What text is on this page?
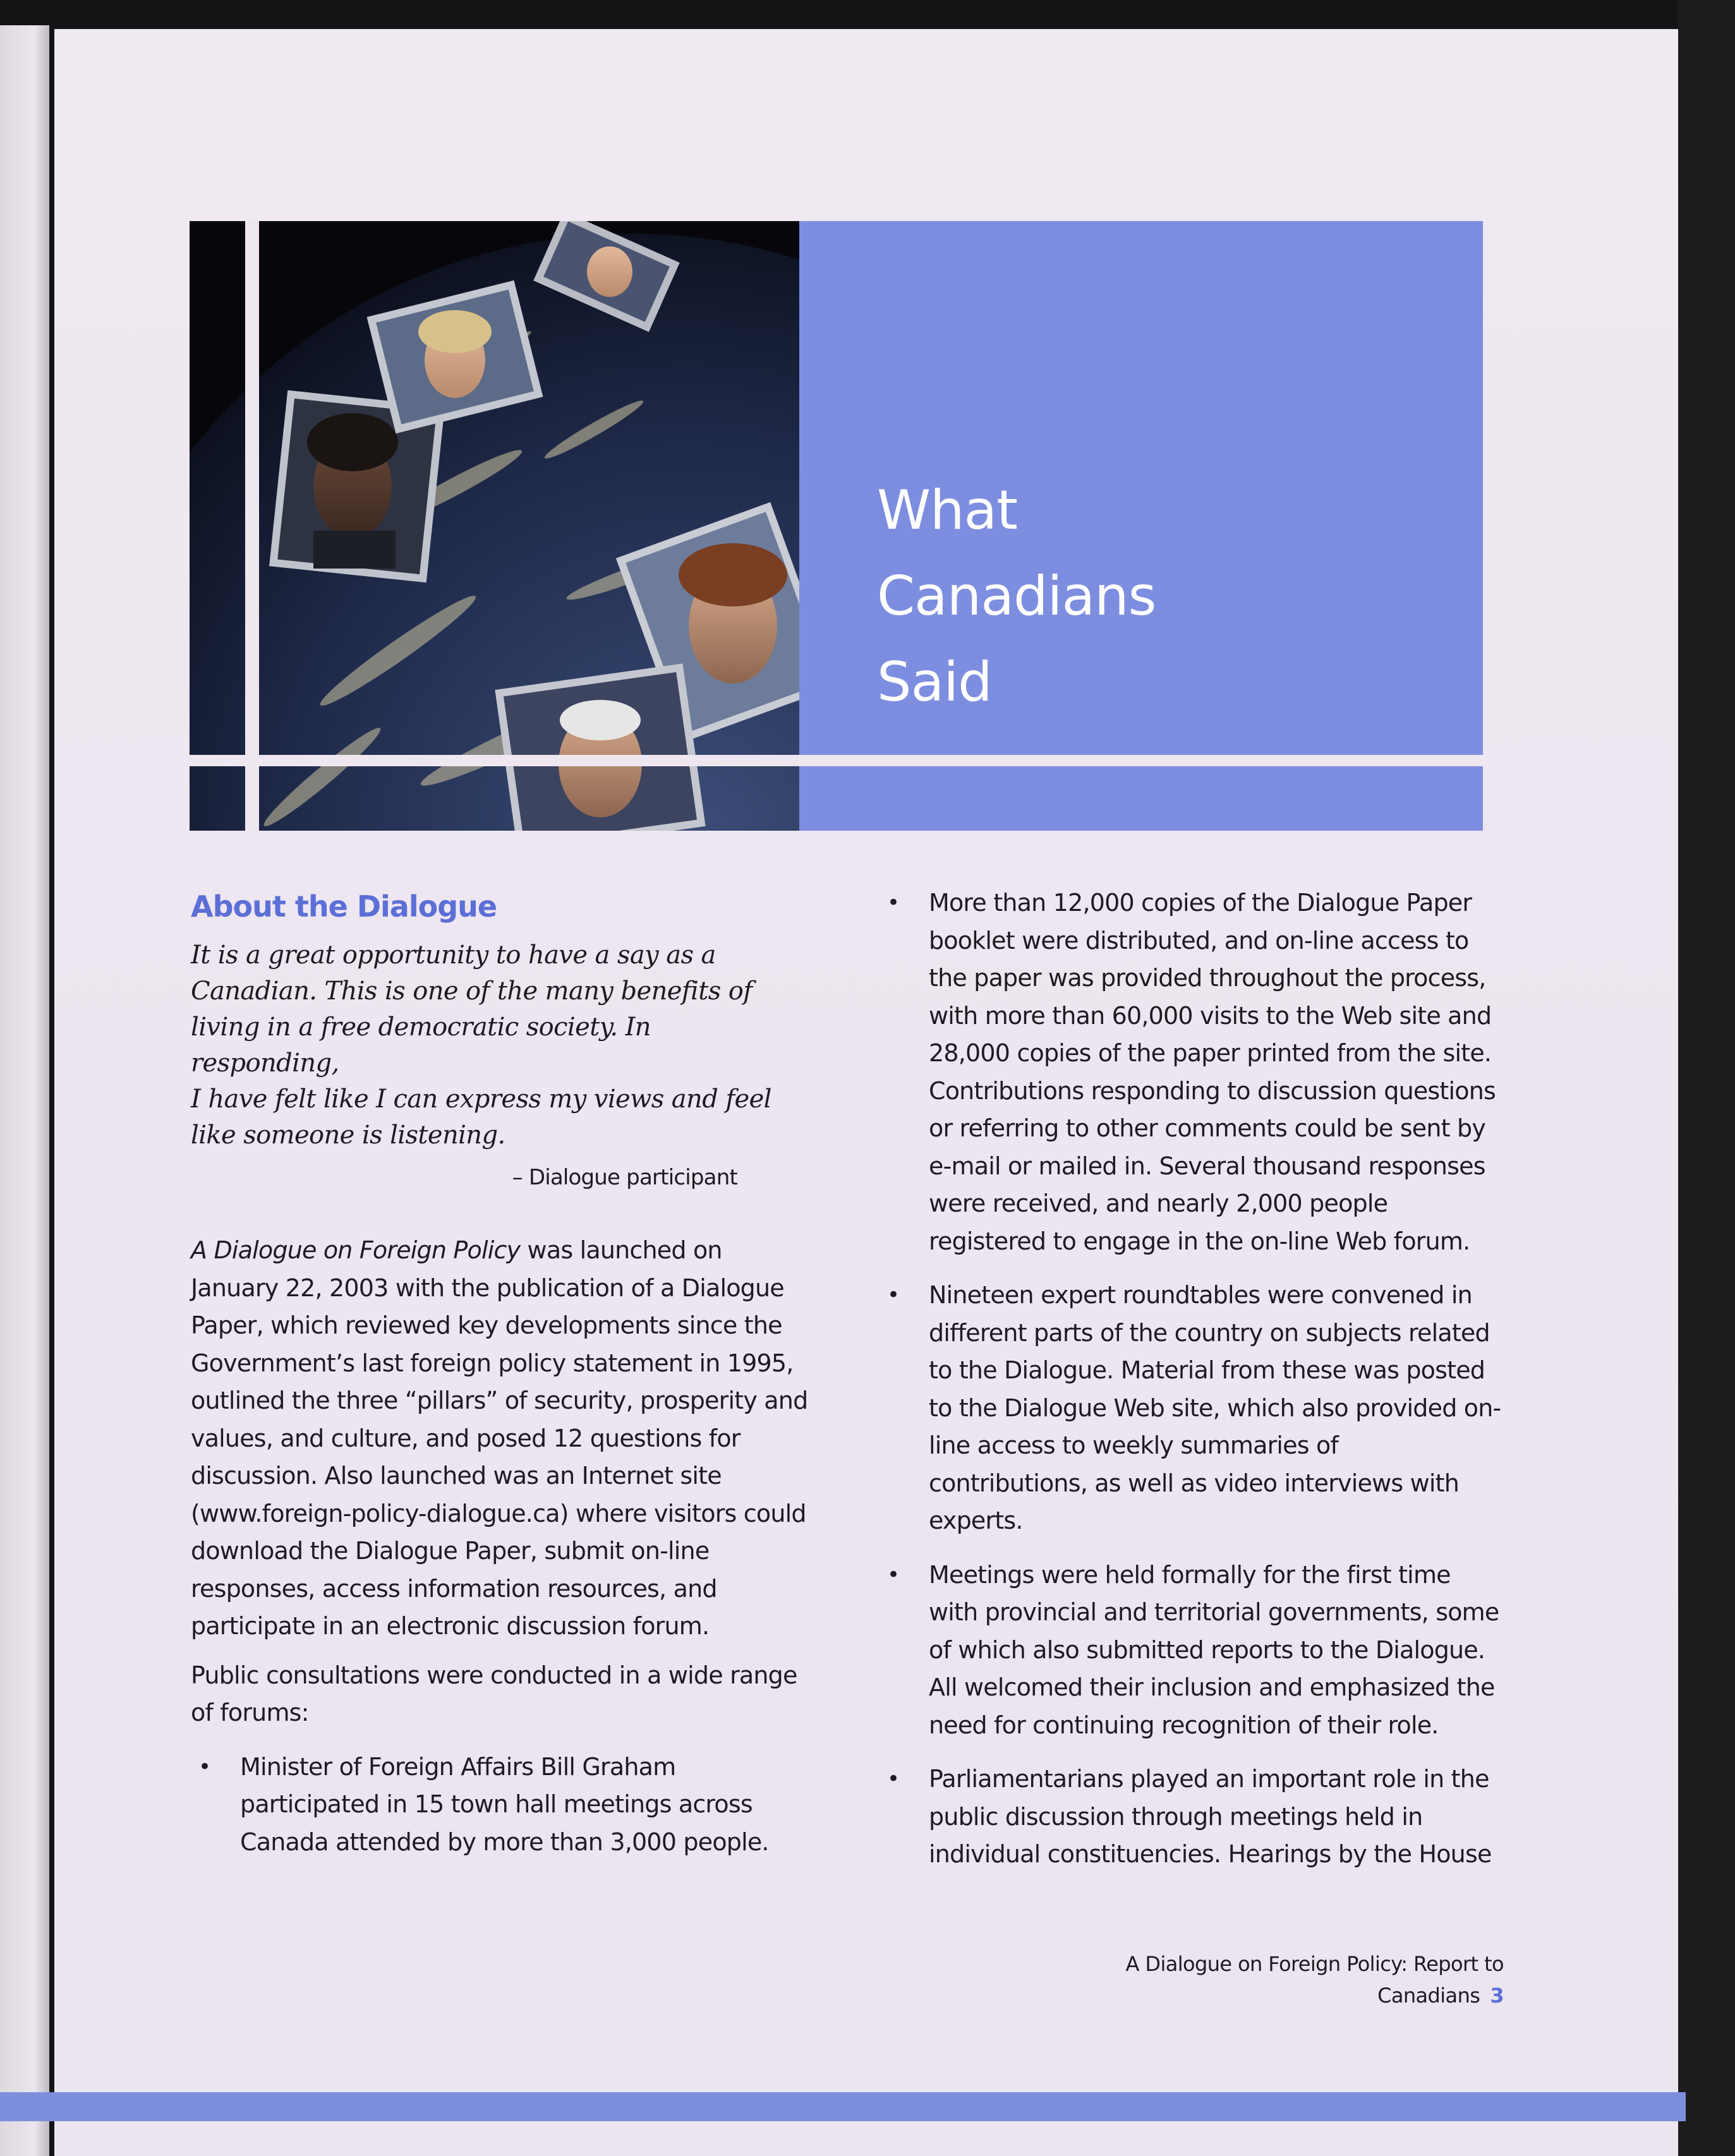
What
Canadians
Said
About the Dialogue
It is a great opportunity to have a say as a
Canadian. This is one of the many benefits of
living in a free democratic society. In responding,
I have felt like I can express my views and feel
like someone is listening.
– Dialogue participant

A Dialogue on Foreign Policy was launched on January 22, 2003 with the publication of a Dialogue Paper, which reviewed key developments since the Government’s last foreign policy statement in 1995, outlined the three “pillars” of security, prosperity and values, and culture, and posed 12 questions for discussion. Also launched was an Internet site (www.foreign-policy-dialogue.ca) where visitors could download the Dialogue Paper, submit on-line responses, access information resources, and participate in an electronic discussion forum.

Public consultations were conducted in a wide range of forums:

• Minister of Foreign Affairs Bill Graham participated in 15 town hall meetings across Canada attended by more than 3,000 people.
• More than 12,000 copies of the Dialogue Paper booklet were distributed, and on-line access to the paper was provided throughout the process, with more than 60,000 visits to the Web site and 28,000 copies of the paper printed from the site. Contributions responding to discussion questions or referring to other comments could be sent by e-mail or mailed in. Several thousand responses were received, and nearly 2,000 people registered to engage in the on-line Web forum.
• Nineteen expert roundtables were convened in different parts of the country on subjects related to the Dialogue. Material from these was posted to the Dialogue Web site, which also provided on-line access to weekly summaries of contributions, as well as video interviews with experts.
• Meetings were held formally for the first time with provincial and territorial governments, some of which also submitted reports to the Dialogue. All welcomed their inclusion and emphasized the need for continuing recognition of their role.
• Parliamentarians played an important role in the public discussion through meetings held in individual constituencies. Hearings by the House
A Dialogue on Foreign Policy: Report to Canadians 3
